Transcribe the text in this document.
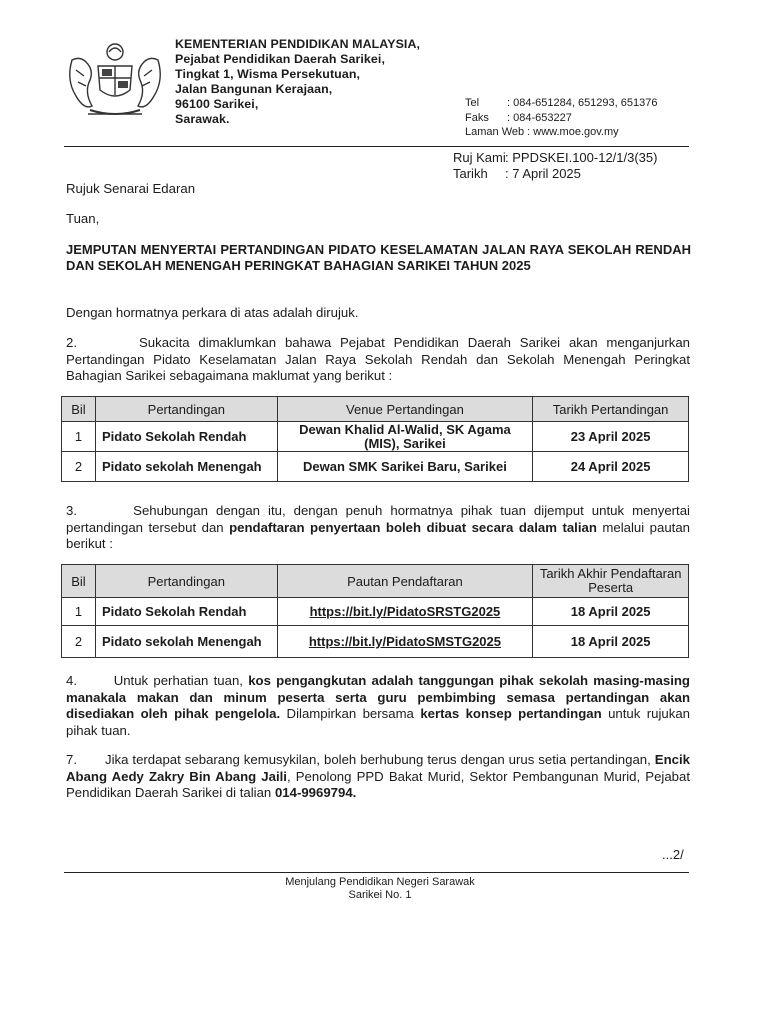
KEMENTERIAN PENDIDIKAN MALAYSIA,
Pejabat Pendidikan Daerah Sarikei,
Tingkat 1, Wisma Persekutuan,
Jalan Bangunan Kerajaan,
96100 Sarikei,
Sarawak.
Tel	: 084-651284, 651293, 651376
Faks	: 084-653227
Laman Web : www.moe.gov.my
Ruj Kami : PPDSKEI.100-12/1/3(35)
Tarikh	: 7 April 2025
Rujuk Senarai Edaran
Tuan,
JEMPUTAN MENYERTAI PERTANDINGAN PIDATO KESELAMATAN JALAN RAYA SEKOLAH RENDAH DAN SEKOLAH MENENGAH PERINGKAT BAHAGIAN SARIKEI TAHUN 2025
Dengan hormatnya perkara di atas adalah dirujuk.
2.	Sukacita dimaklumkan bahawa Pejabat Pendidikan Daerah Sarikei akan menganjurkan Pertandingan Pidato Keselamatan Jalan Raya Sekolah Rendah dan Sekolah Menengah Peringkat Bahagian Sarikei sebagaimana maklumat yang berikut :
Bil	Pertandingan	Venue Pertandingan	Tarikh Pertandingan
1	Pidato Sekolah Rendah	Dewan Khalid Al-Walid, SK Agama (MIS), Sarikei	23 April 2025
2	Pidato sekolah Menengah	Dewan SMK Sarikei Baru, Sarikei	24 April 2025
3.	Sehubungan dengan itu, dengan penuh hormatnya pihak tuan dijemput untuk menyertai pertandingan tersebut dan pendaftaran penyertaan boleh dibuat secara dalam talian melalui pautan berikut :
Bil	Pertandingan	Pautan Pendaftaran	Tarikh Akhir Pendaftaran Peserta
1	Pidato Sekolah Rendah	https://bit.ly/PidatoSRSTG2025	18 April 2025
2	Pidato sekolah Menengah	https://bit.ly/PidatoSMSTG2025	18 April 2025
4.	Untuk perhatian tuan, kos pengangkutan adalah tanggungan pihak sekolah masing-masing manakala makan dan minum peserta serta guru pembimbing semasa pertandingan akan disediakan oleh pihak pengelola. Dilampirkan bersama kertas konsep pertandingan untuk rujukan pihak tuan.
7. Jika terdapat sebarang kemusykilan, boleh berhubung terus dengan urus setia pertandingan, Encik Abang Aedy Zakry Bin Abang Jaili, Penolong PPD Bakat Murid, Sektor Pembangunan Murid, Pejabat Pendidikan Daerah Sarikei di talian 014-9969794.
...2/
Menjulang Pendidikan Negeri Sarawak
Sarikei No. 1
